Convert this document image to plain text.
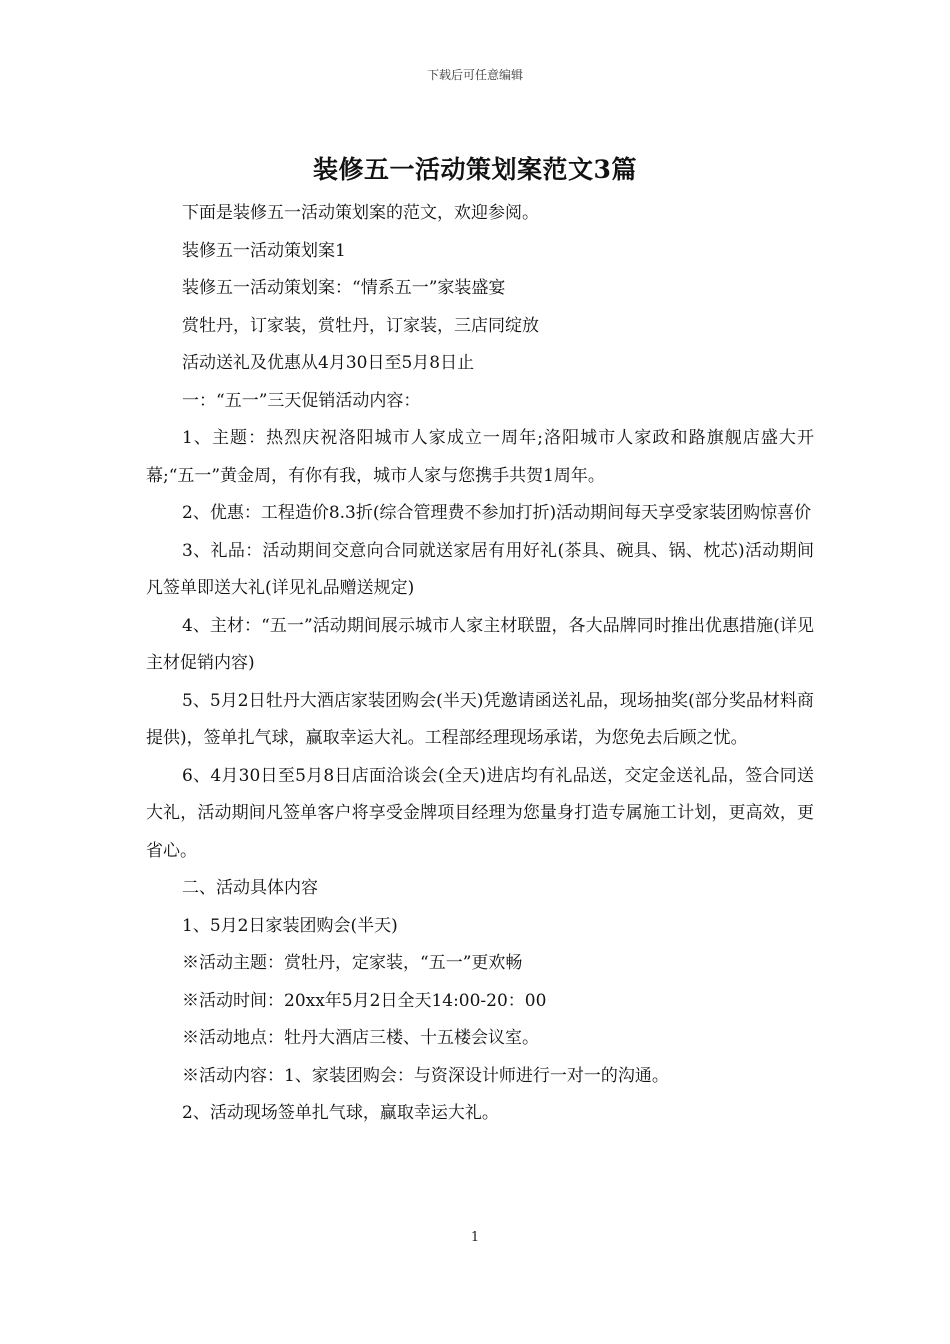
下载后可任意编辑
装修五一活动策划案范文3篇

下面是装修五一活动策划案的范文，欢迎参阅。

装修五一活动策划案1

装修五一活动策划案：“情系五一”家装盛宴

赏牡丹，订家装，赏牡丹，订家装，三店同绽放

活动送礼及优惠从4月30日至5月8日止

一：“五一”三天促销活动内容：

1、主题：热烈庆祝洛阳城市人家成立一周年;洛阳城市人家政和路旗舰店盛大开幕;“五一”黄金周，有你有我，城市人家与您携手共贺1周年。

2、优惠：工程造价8.3折(综合管理费不参加打折)活动期间每天享受家装团购惊喜价

3、礼品：活动期间交意向合同就送家居有用好礼(茶具、碗具、锅、枕芯)活动期间凡签单即送大礼(详见礼品赠送规定)

4、主材：“五一”活动期间展示城市人家主材联盟，各大品牌同时推出优惠措施(详见主材促销内容)

5、5月2日牡丹大酒店家装团购会(半天)凭邀请函送礼品，现场抽奖(部分奖品材料商提供)，签单扎气球，赢取幸运大礼。工程部经理现场承诺，为您免去后顾之忧。

6、4月30日至5月8日店面洽谈会(全天)进店均有礼品送，交定金送礼品，签合同送大礼，活动期间凡签单客户将享受金牌项目经理为您量身打造专属施工计划，更高效，更省心。

二、活动具体内容

1、5月2日家装团购会(半天)

※活动主题：赏牡丹，定家装，“五一”更欢畅

※活动时间：20xx年5月2日全天14:00-20：00

※活动地点：牡丹大酒店三楼、十五楼会议室。

※活动内容：1、家装团购会：与资深设计师进行一对一的沟通。

2、活动现场签单扎气球，赢取幸运大礼。

1
